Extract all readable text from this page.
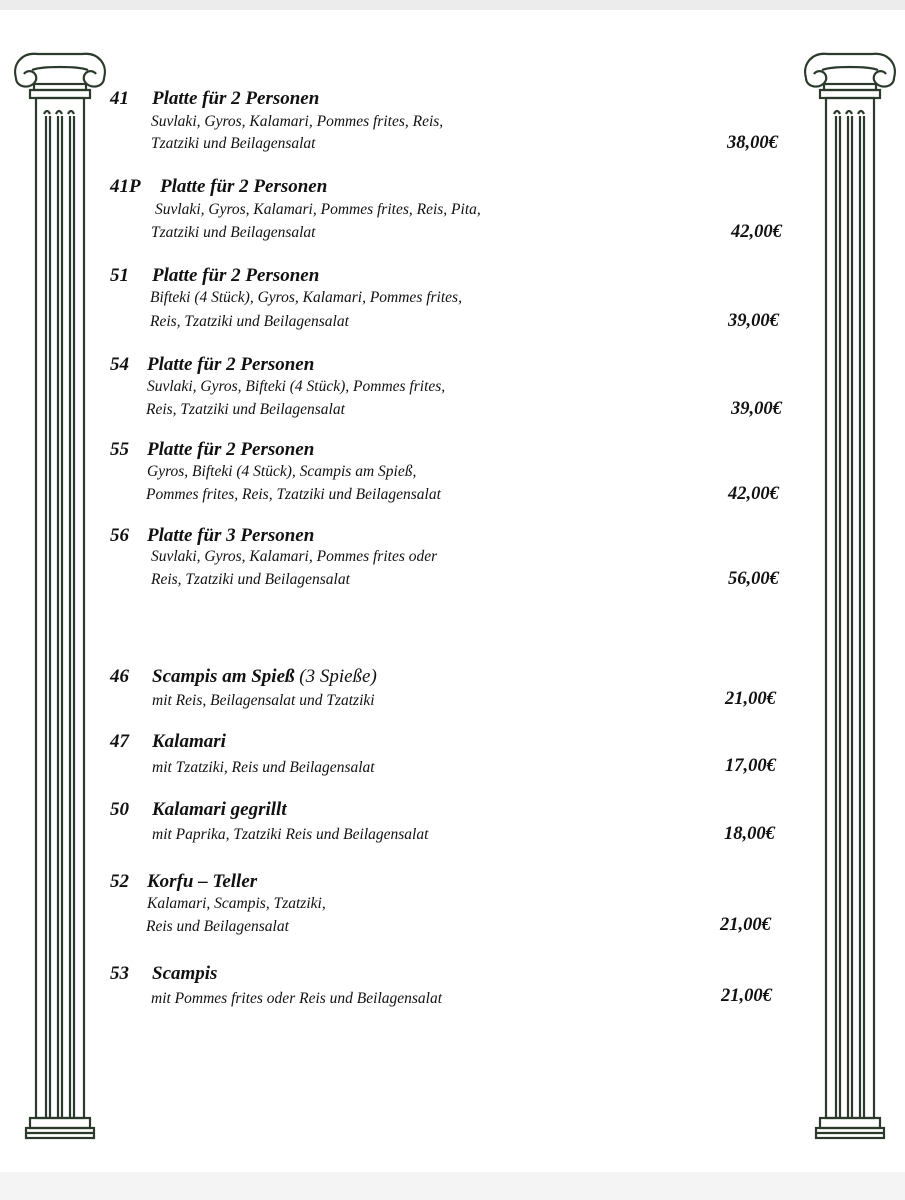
41 Platte für 2 Personen
Suvlaki, Gyros, Kalamari, Pommes frites, Reis,
Tzatziki und Beilagensalat	38,00€
41P Platte für 2 Personen
Suvlaki, Gyros, Kalamari, Pommes frites, Reis, Pita,
Tzatziki und Beilagensalat	42,00€
51 Platte für 2 Personen
Bifteki (4 Stück), Gyros, Kalamari, Pommes frites,
Reis, Tzatziki und Beilagensalat	39,00€
54 Platte für 2 Personen
Suvlaki, Gyros, Bifteki (4 Stück), Pommes frites,
Reis, Tzatziki und Beilagensalat	39,00€
55 Platte für 2 Personen
Gyros, Bifteki (4 Stück), Scampis am Spieß,
Pommes frites, Reis, Tzatziki und Beilagensalat	42,00€
56 Platte für 3 Personen
Suvlaki, Gyros, Kalamari, Pommes frites oder
Reis, Tzatziki und Beilagensalat	56,00€
46 Scampis am Spieß (3 Spieße)
mit Reis, Beilagensalat und Tzatziki	21,00€
47 Kalamari
mit Tzatziki, Reis und Beilagensalat	17,00€
50 Kalamari gegrillt
mit Paprika, Tzatziki Reis und Beilagensalat	18,00€
52 Korfu – Teller
Kalamari, Scampis, Tzatziki,
Reis und Beilagensalat	21,00€
53 Scampis
mit Pommes frites oder Reis und Beilagensalat	21,00€
